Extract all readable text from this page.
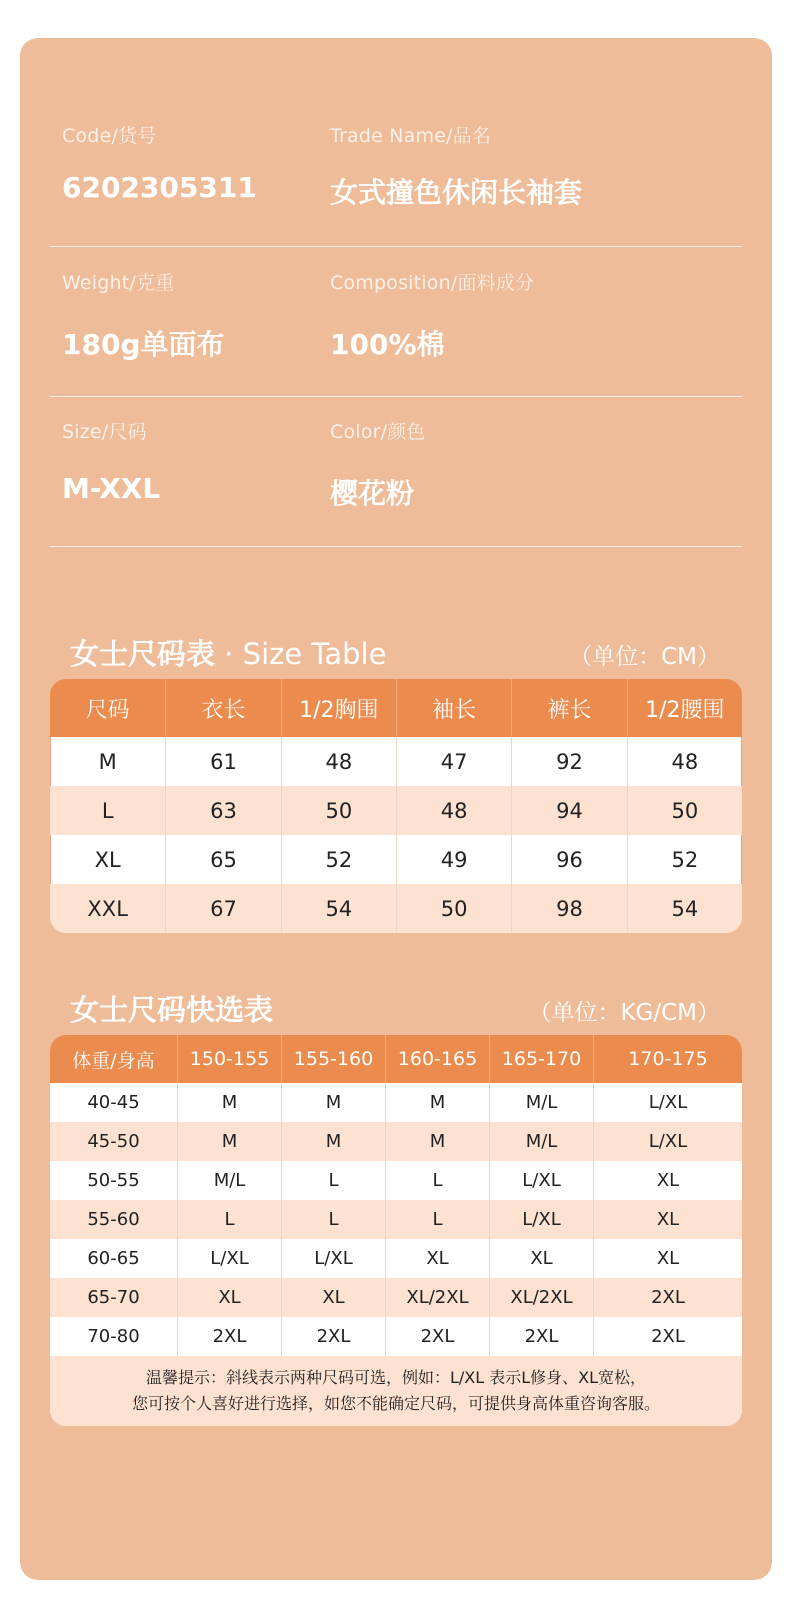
Code/货号
6202305311
Trade Name/品名
女式撞色休闲长袖套
Weight/克重
180g单面布
Composition/面料成分
100%棉
Size/尺码
M-XXL
Color/颜色
樱花粉
女士尺码表 · Size Table	（单位：CM）
尺码	衣长	1/2胸围	袖长	裤长	1/2腰围
M	61	48	47	92	48
L	63	50	48	94	50
XL	65	52	49	96	52
XXL	67	54	50	98	54
女士尺码快选表	（单位：KG/CM）
体重/身高	150-155	155-160	160-165	165-170	170-175
40-45	M	M	M	M/L	L/XL
45-50	M	M	M	M/L	L/XL
50-55	M/L	L	L	L/XL	XL
55-60	L	L	L	L/XL	XL
60-65	L/XL	L/XL	XL	XL	XL
65-70	XL	XL	XL/2XL	XL/2XL	2XL
70-80	2XL	2XL	2XL	2XL	2XL

温馨提示：斜线表示两种尺码可选，例如：L/XL 表示L修身、XL宽松，
您可按个人喜好进行选择，如您不能确定尺码，可提供身高体重咨询客服。					
